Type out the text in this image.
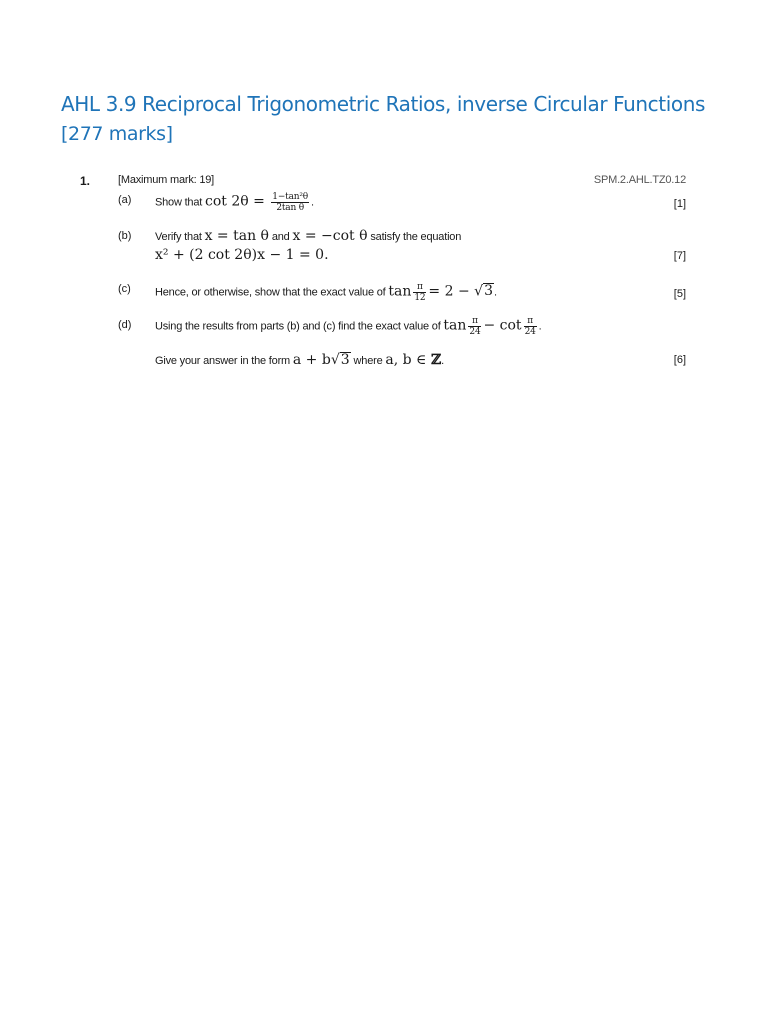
AHL 3.9 Reciprocal Trigonometric Ratios, inverse Circular Functions [277 marks]
1.	[Maximum mark: 19]	SPM.2.AHL.TZ0.12
(a) Show that $\cot 2\theta = \frac{\text{1−tan²θ}}{\text{2tan θ}}$ .	[1]
(b) Verify that x = tan θ and x = −cot θ satisfy the equation
x² + (2 cot 2θ)x − 1 = 0.	[7]
(c) Hence, or otherwise, show that the exact value of $\tan \frac{\pi}{12} = 2 - √3$.	[5]
(d) Using the results from parts (b) and (c) find the exact value of $\tan \frac{\pi}{24} - \cot \frac{\pi}{24}$ .
Give your answer in the form a + b√3 where a, b ∈ ℤ.	[6]
